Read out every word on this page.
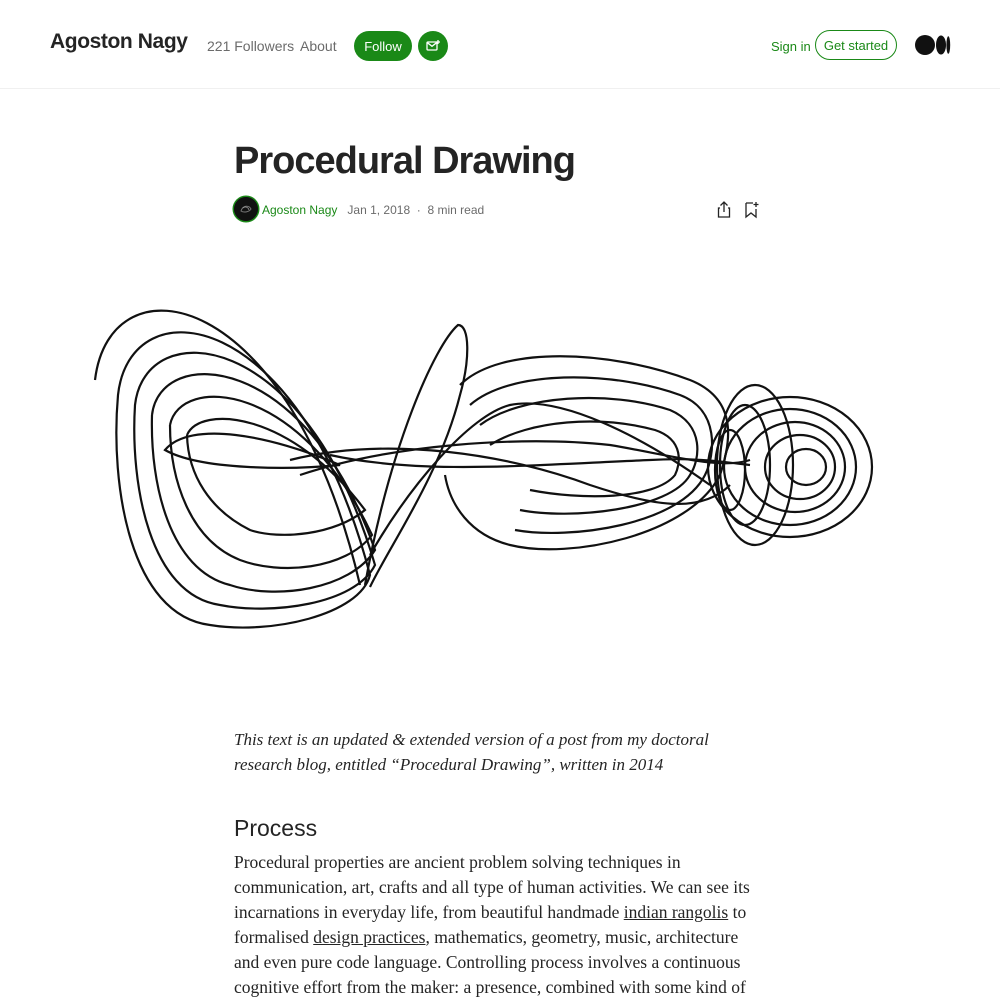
Agoston Nagy 221 Followers About	Follow	Sign in	Get started
Procedural Drawing
Agoston Nagy Jan 1, 2018 · 8 min read

This text is an updated & extended version of a post from my doctoral research blog, entitled “Procedural Drawing”, written in 2014

Process

Procedural properties are ancient problem solving techniques in communication, art, crafts and all type of human activities. We can see its incarnations in everyday life, from beautiful handmade indian rangolis to formalised design practices, mathematics, geometry, music, architecture and even pure code language. Controlling process involves a continuous cognitive effort from the maker: a presence, combined with some kind of
